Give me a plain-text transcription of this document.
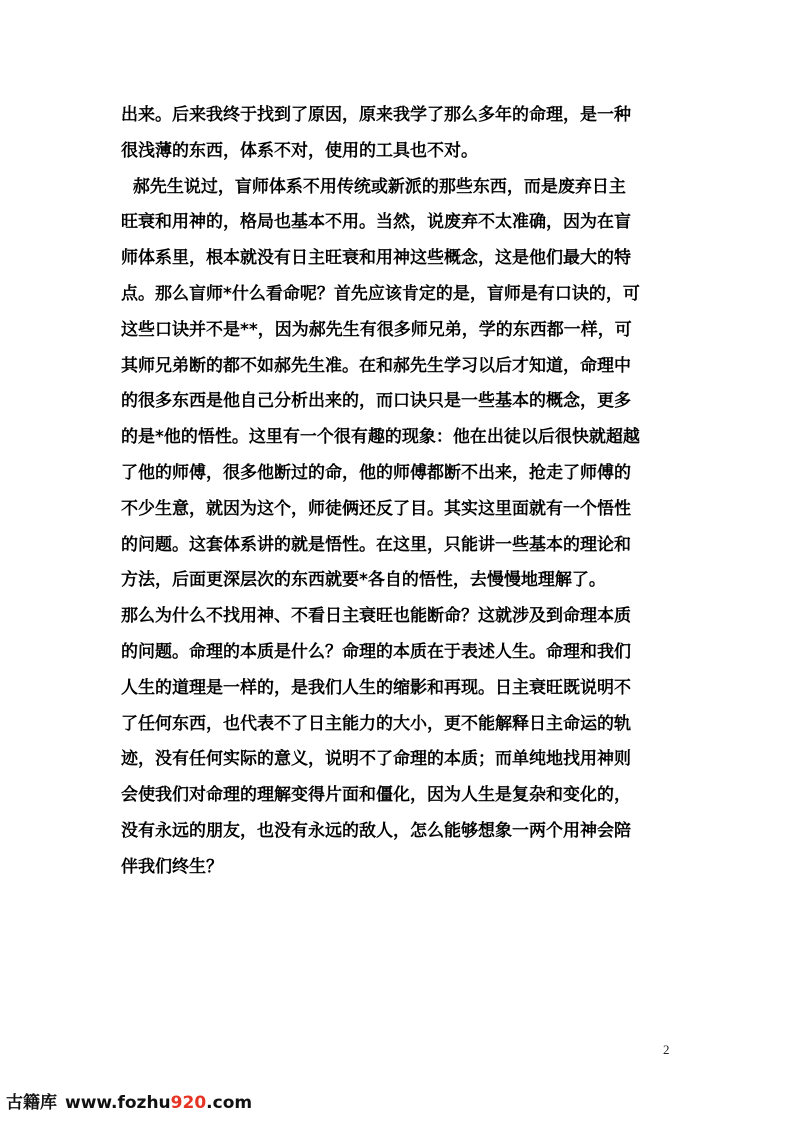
出来。后来我终于找到了原因，原来我学了那么多年的命理，是一种
很浅薄的东西，体系不对，使用的工具也不对。
郝先生说过，盲师体系不用传统或新派的那些东西，而是废弃日主
旺衰和用神的，格局也基本不用。当然，说废弃不太准确，因为在盲
师体系里，根本就没有日主旺衰和用神这些概念，这是他们最大的特
点。那么盲师*什么看命呢？首先应该肯定的是，盲师是有口诀的，可
这些口诀并不是**，因为郝先生有很多师兄弟，学的东西都一样，可
其师兄弟断的都不如郝先生准。在和郝先生学习以后才知道，命理中
的很多东西是他自己分析出来的，而口诀只是一些基本的概念，更多
的是*他的悟性。这里有一个很有趣的现象：他在出徒以后很快就超越
了他的师傅，很多他断过的命，他的师傅都断不出来，抢走了师傅的
不少生意，就因为这个，师徒俩还反了目。其实这里面就有一个悟性
的问题。这套体系讲的就是悟性。在这里，只能讲一些基本的理论和
方法，后面更深层次的东西就要*各自的悟性，去慢慢地理解了。
那么为什么不找用神、不看日主衰旺也能断命？这就涉及到命理本质
的问题。命理的本质是什么？命理的本质在于表述人生。命理和我们
人生的道理是一样的，是我们人生的缩影和再现。日主衰旺既说明不
了任何东西，也代表不了日主能力的大小，更不能解释日主命运的轨
迹，没有任何实际的意义，说明不了命理的本质；而单纯地找用神则
会使我们对命理的理解变得片面和僵化，因为人生是复杂和变化的，
没有永远的朋友，也没有永远的敌人，怎么能够想象一两个用神会陪
伴我们终生？
2
古籍库 www.fozhu920.com
